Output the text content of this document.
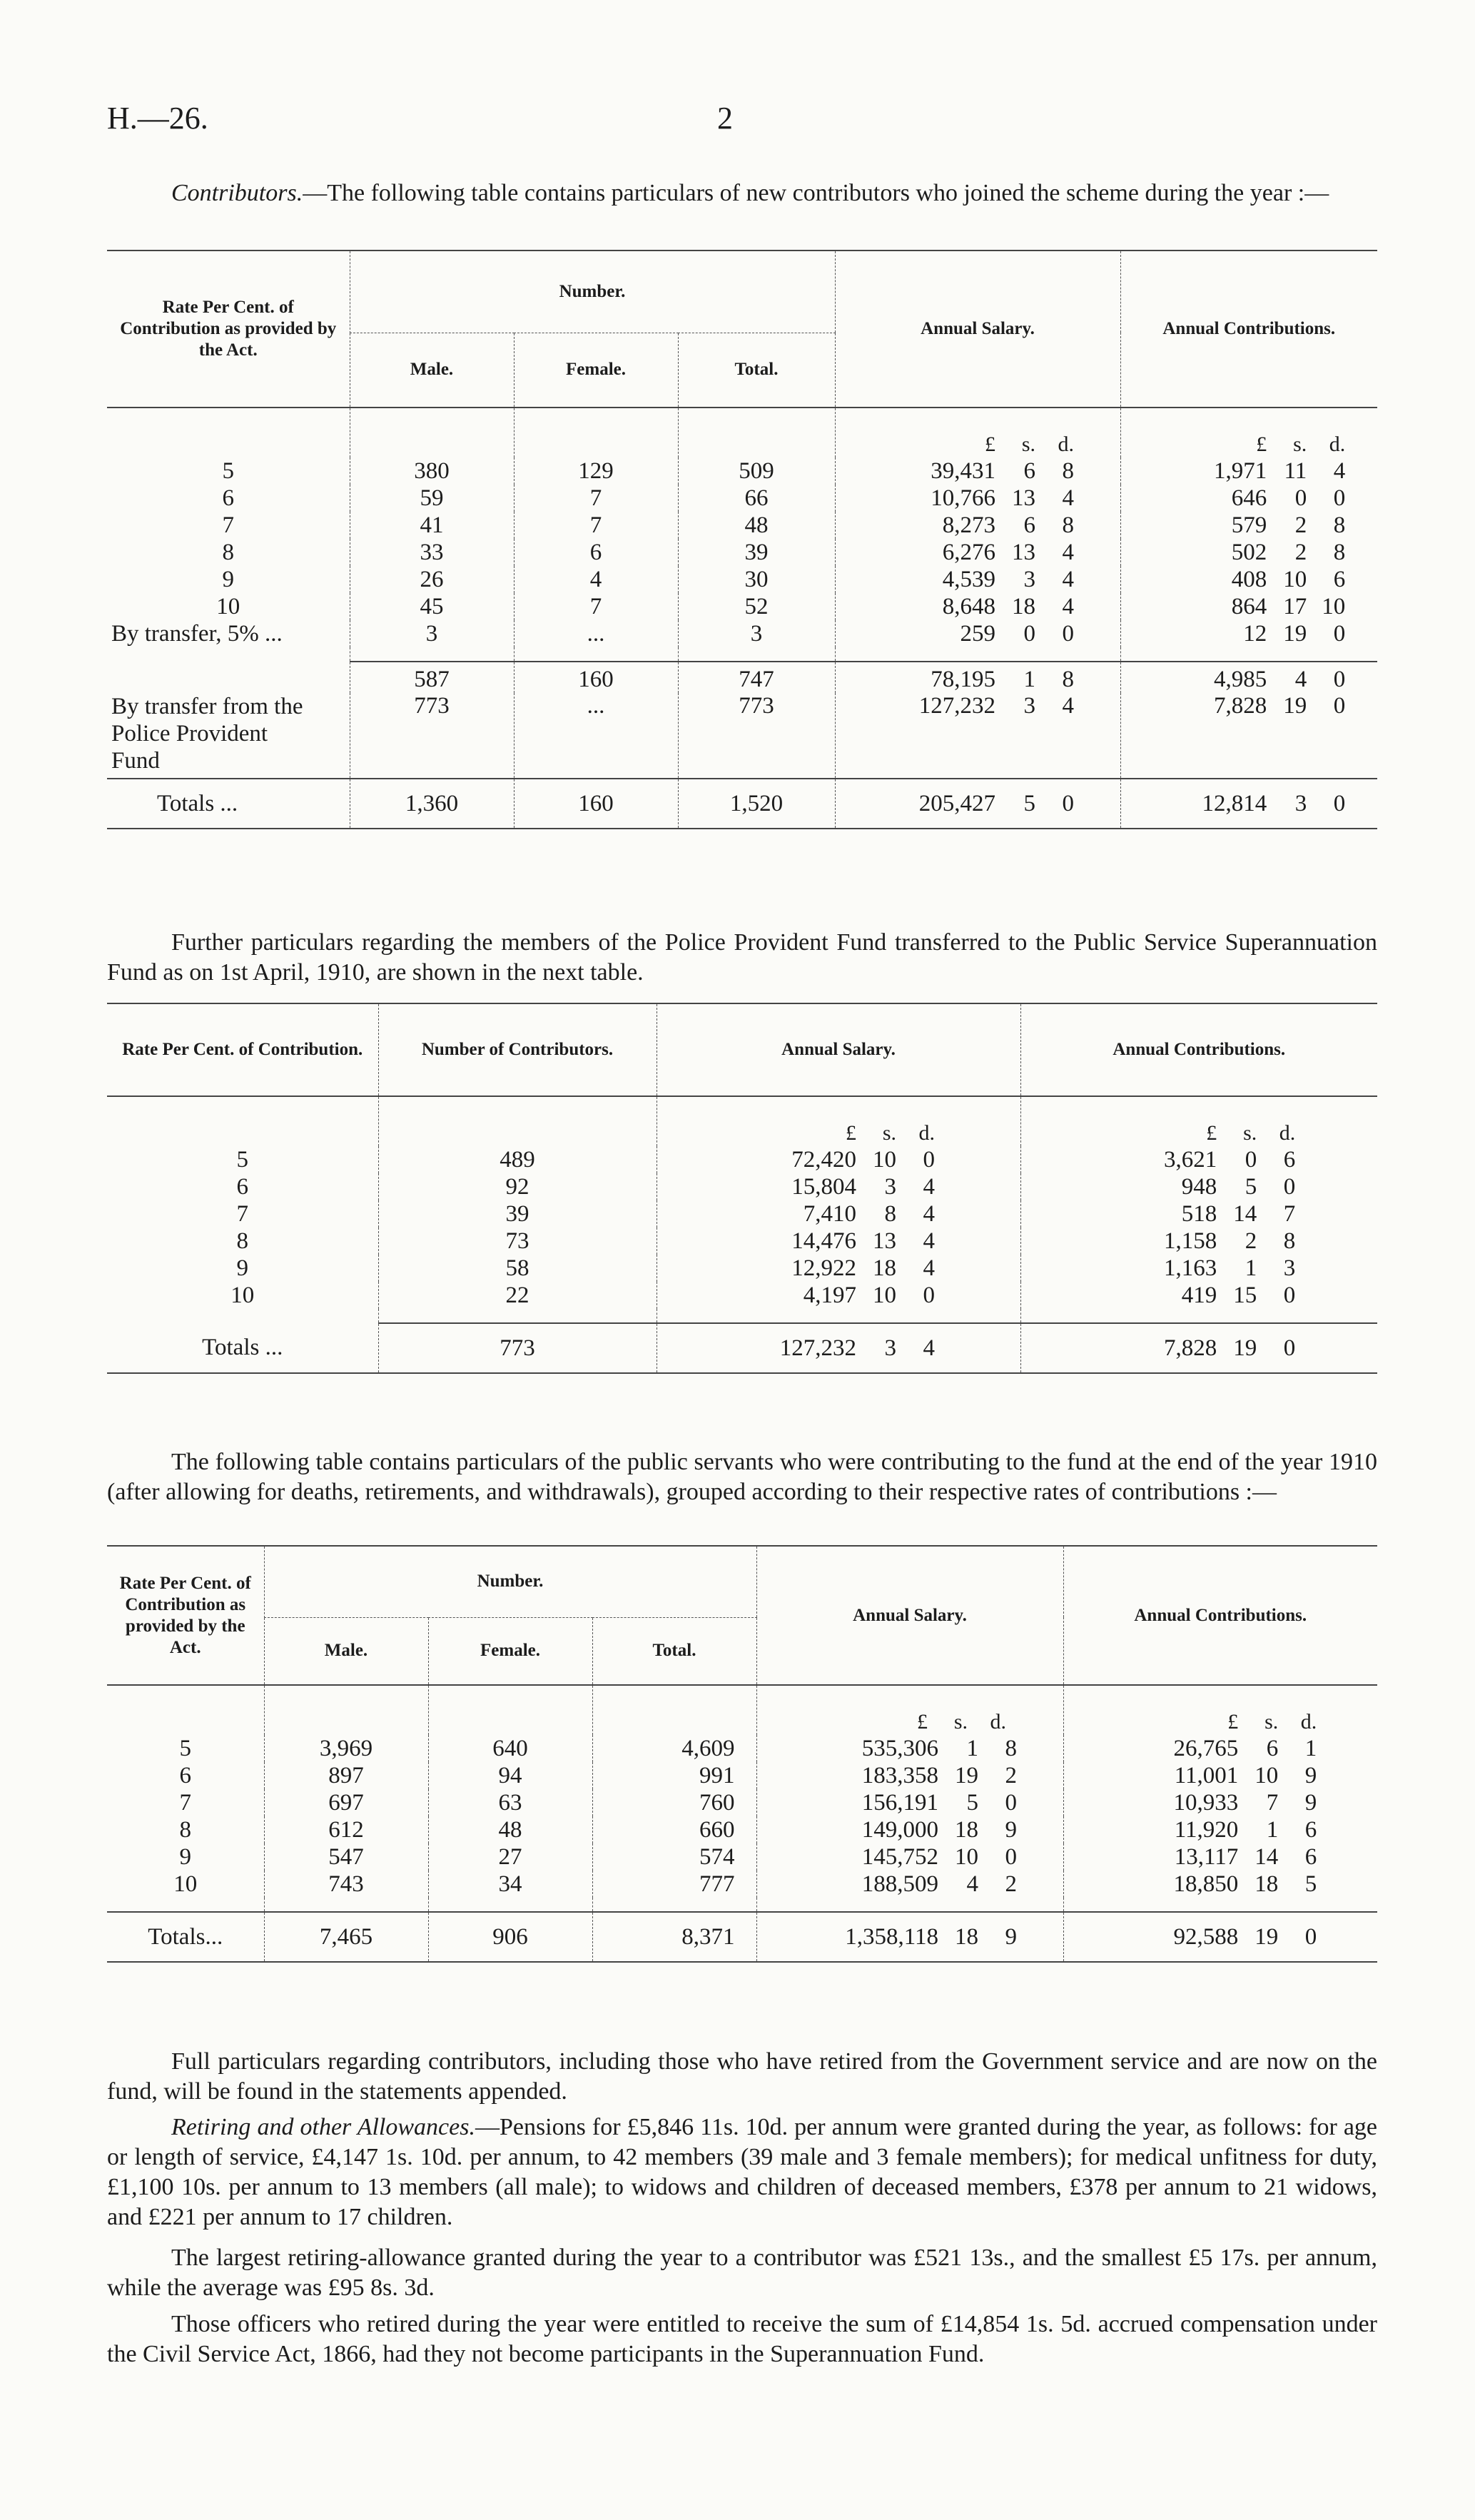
H.—26.	2

Contributors.—The following table contains particulars of new contributors who joined the scheme during the year :—

Rate Per Cent. of Contribution as provided by the Act.	Number.			Annual Salary.	Annual Contributions.
	Male.	Female.	Total.		
				£ s. d.	£ s. d.
5	380	129	509	39,431 6 8	1,971 11 4
6	59	7	66	10,766 13 4	646 0 0
7	41	7	48	8,273 6 8	579 2 8
8	33	6	39	6,276 13 4	502 2 8
9	26	4	30	4,539 3 4	408 10 6
10	45	7	52	8,648 18 4	864 17 10
By transfer, 5% ...	3	...	3	259 0 0	12 19 0

	587	160	747	78,195 1 8	4,985 4 0
By transfer from the Police Provident Fund	773	...	773	127,232 3 4	7,828 19 0
Totals ...	1,360	160	1,520	205,427 5 0	12,814 3 0

Further particulars regarding the members of the Police Provident Fund transferred to the Public Service Superannuation Fund as on 1st April, 1910, are shown in the next table.

Rate Per Cent. of Contribution.	Number of Contributors.	Annual Salary.	Annual Contributions.
		£ s. d.	£ s. d.
5	489	72,420 10 0	3,621 0 6
6	92	15,804 3 4	948 5 0
7	39	7,410 8 4	518 14 7
8	73	14,476 13 4	1,158 2 8
9	58	12,922 18 4	1,163 1 3
10	22	4,197 10 0	419 15 0

Totals ...	773	127,232 3 4	7,828 19 0

The following table contains particulars of the public servants who were contributing to the fund at the end of the year 1910 (after allowing for deaths, retirements, and withdrawals), grouped according to their respective rates of contributions :—

Rate Per Cent. of Contribution as provided by the Act.	Number.			Annual Salary.	Annual Contributions.
	Male.	Female.	Total.		
				£ s. d.	£ s. d.
5	3,969	640	4,609	535,306 1 8	26,765 6 1
6	897	94	991	183,358 19 2	11,001 10 9
7	697	63	760	156,191 5 0	10,933 7 9
8	612	48	660	149,000 18 9	11,920 1 6
9	547	27	574	145,752 10 0	13,117 14 6
10	743	34	777	188,509 4 2	18,850 18 5

Totals...	7,465	906	8,371	1,358,118 18 9	92,588 19 0

Full particulars regarding contributors, including those who have retired from the Government service and are now on the fund, will be found in the statements appended.

Retiring and other Allowances.—Pensions for £5,846 11s. 10d. per annum were granted during the year, as follows: for age or length of service, £4,147 1s. 10d. per annum, to 42 members (39 male and 3 female members); for medical unfitness for duty, £1,100 10s. per annum to 13 members (all male); to widows and children of deceased members, £378 per annum to 21 widows, and £221 per annum to 17 children.

The largest retiring-allowance granted during the year to a contributor was £521 13s., and the smallest £5 17s. per annum, while the average was £95 8s. 3d.

Those officers who retired during the year were entitled to receive the sum of £14,854 1s. 5d. accrued compensation under the Civil Service Act, 1866, had they not become participants in the Superannuation Fund.
